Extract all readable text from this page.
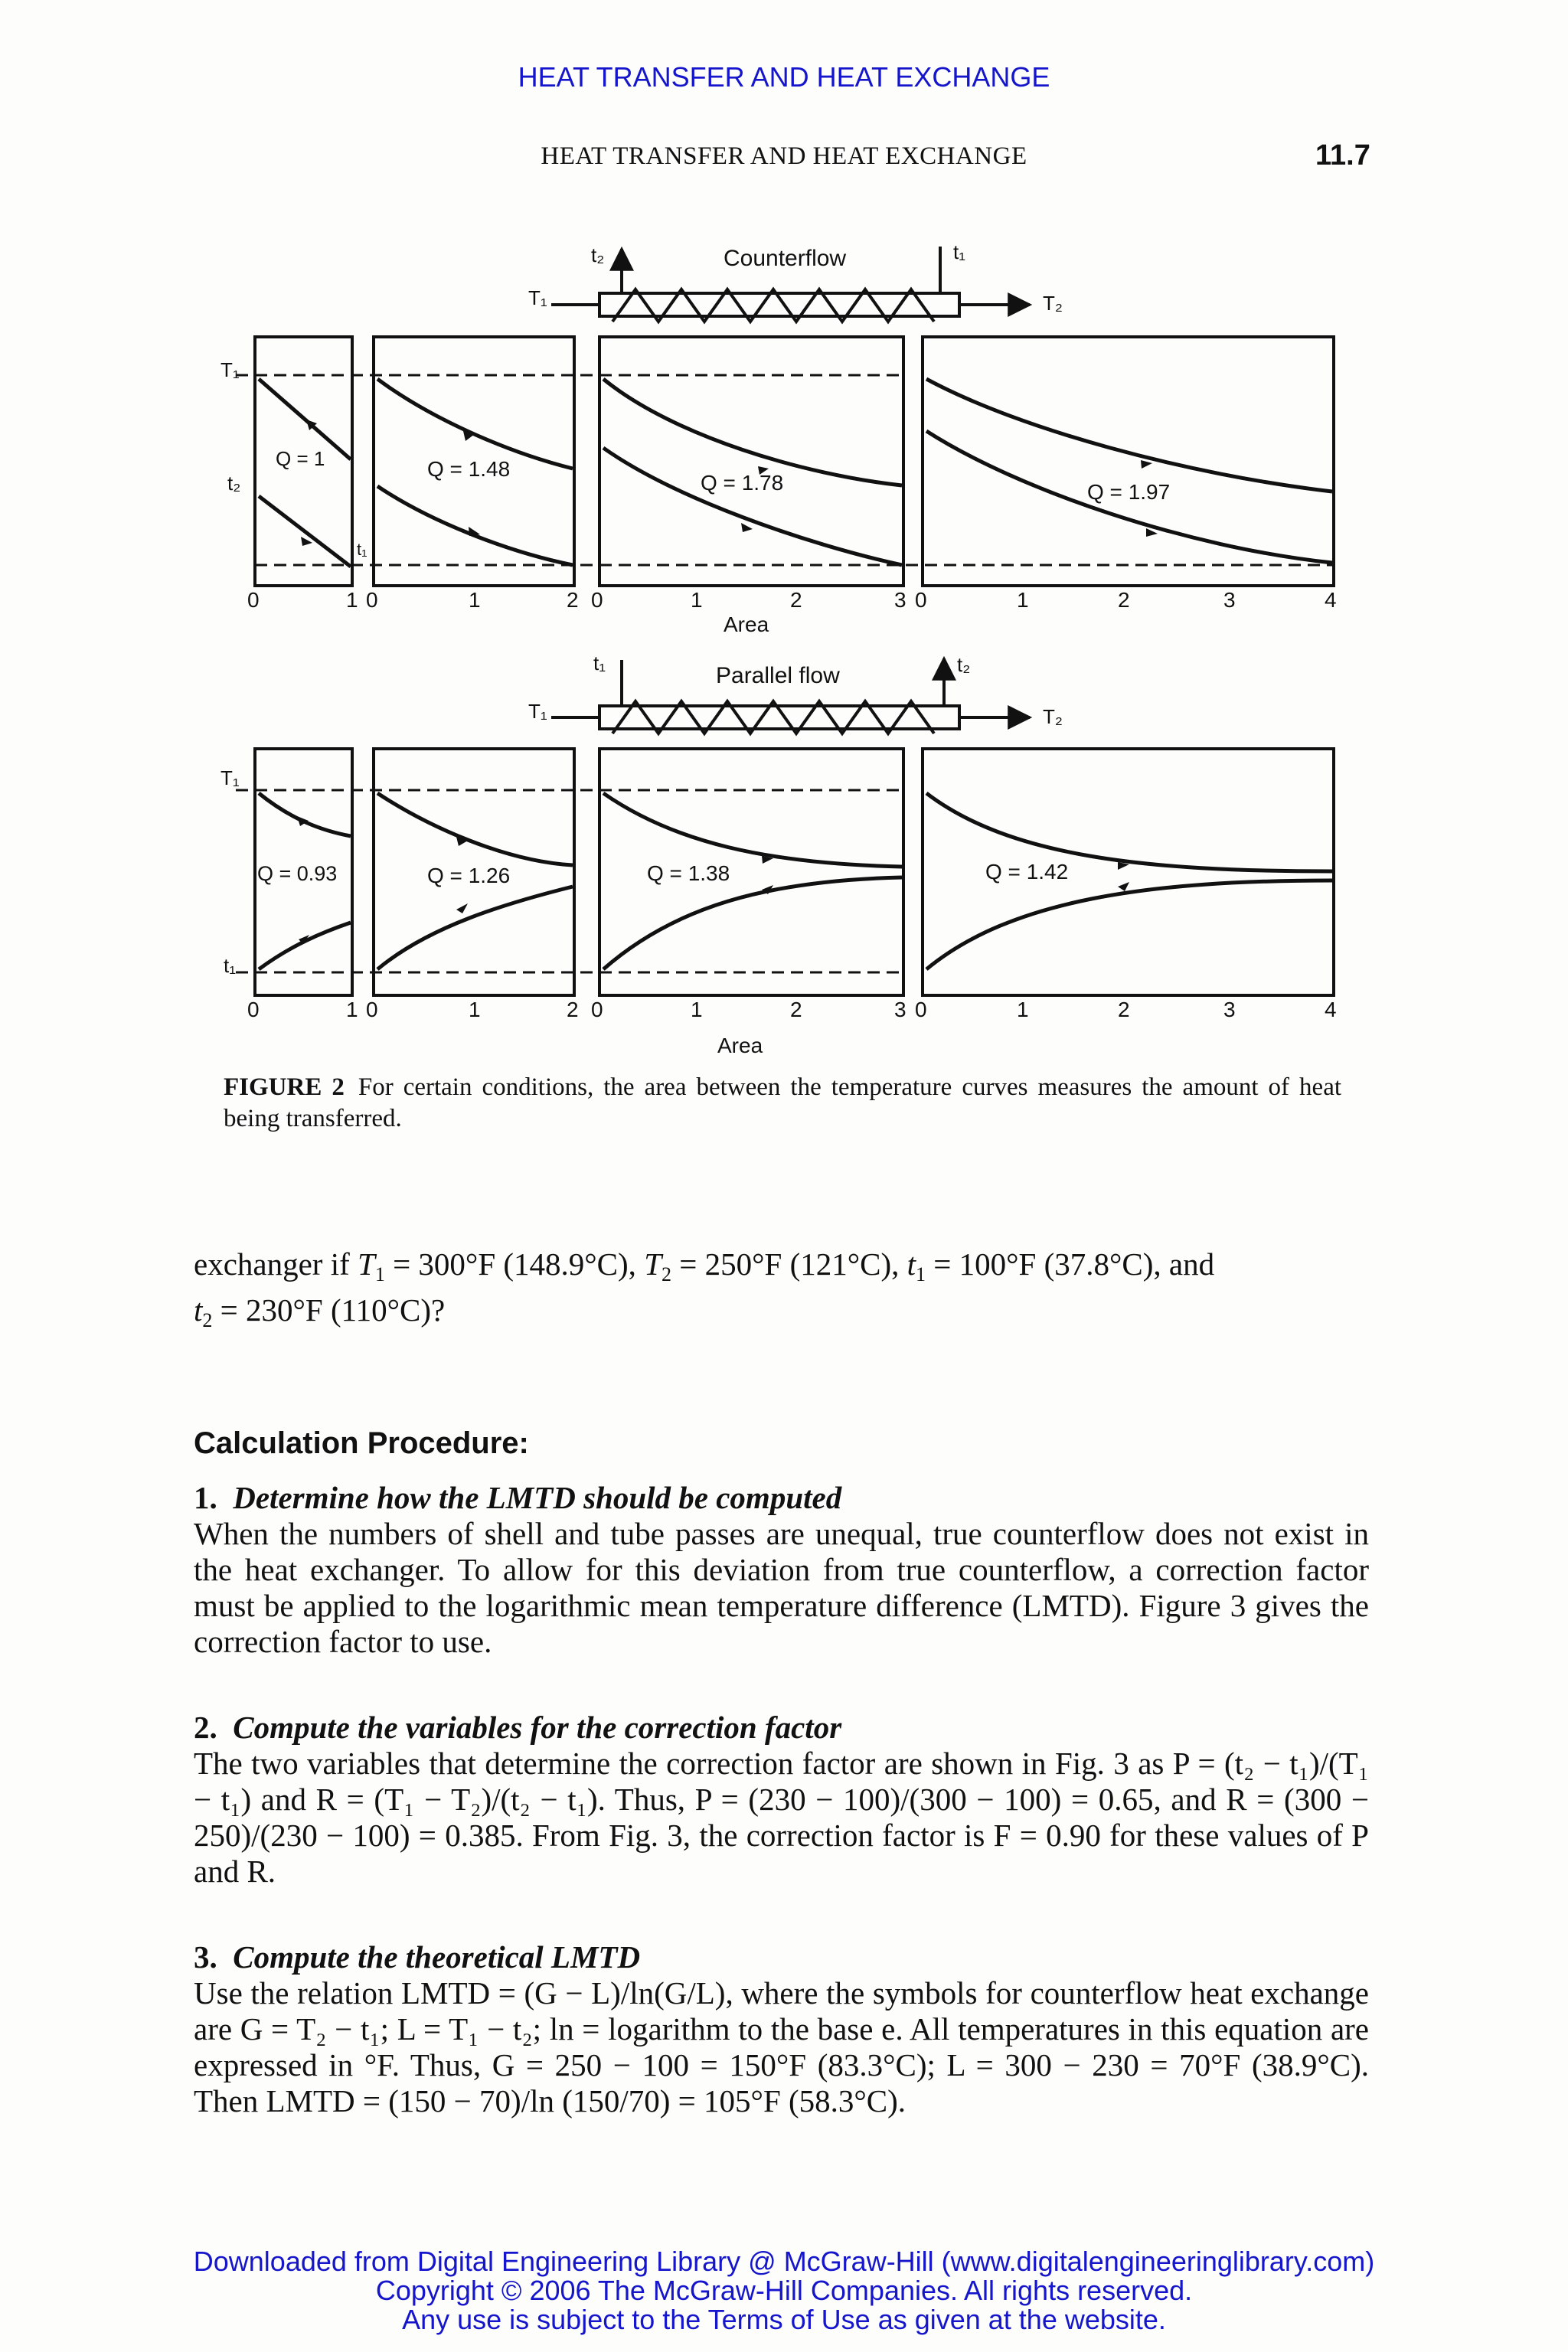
HEAT TRANSFER AND HEAT EXCHANGE
HEAT TRANSFER AND HEAT EXCHANGE	11.7
T₁	T₂
t₂	t₁
Counterflow
T₁
t₂
t₁
Q = 1	Q = 1.48
Q = 1.78	Q = 1.97
0	1 0	1	2 0	1	2	3 0	1	2	3	4
Area
T₁	T₂
t₁	t₂
Parallel flow
T₁
t₁
Q = 0.93	Q = 1.26	Q = 1.38	Q = 1.42
0	1 0	1	2 0	1	2	3 0	1	2	3	4
Area
FIGURE 2 For certain conditions, the area between the temperature curves measures the amount of heat being transferred.
exchanger if $T_1 = 300^\circ F$ (148.9°C), $T_2 = 250^\circ F$ (121°C), $t_1 = 100^\circ F$ (37.8°C), and
$t_2 = 230^\circ F$ (110°C)?
Calculation Procedure:
1. Determine how the LMTD should be computed
When the numbers of shell and tube passes are unequal, true counterflow does not exist in the heat exchanger. To allow for this deviation from true counterflow, a correction factor must be applied to the logarithmic mean temperature difference (LMTD). Figure 3 gives the correction factor to use.
2. Compute the variables for the correction factor
The two variables that determine the correction factor are shown in Fig. 3 as P = (t₂ − t₁)/(T₁ − t₁) and R = (T₁ − T₂)/(t₂ − t₁). Thus, P = (230 − 100)/(300 − 100) = 0.65, and R = (300 − 250)/(230 − 100) = 0.385. From Fig. 3, the correction factor is F = 0.90 for these values of P and R.
3. Compute the theoretical LMTD
Use the relation LMTD = (G − L)/ln(G/L), where the symbols for counterflow heat exchange are G = T₂ − t₁; L = T₁ − t₂; ln = logarithm to the base e. All temperatures in this equation are expressed in °F. Thus, G = 250 − 100 = 150°F (83.3°C); L = 300 − 230 = 70°F (38.9°C). Then LMTD = (150 − 70)/ln (150/70) = 105°F (58.3°C).
Downloaded from Digital Engineering Library @ McGraw-Hill (www.digitalengineeringlibrary.com)
Copyright © 2006 The McGraw-Hill Companies. All rights reserved.
Any use is subject to the Terms of Use as given at the website.
